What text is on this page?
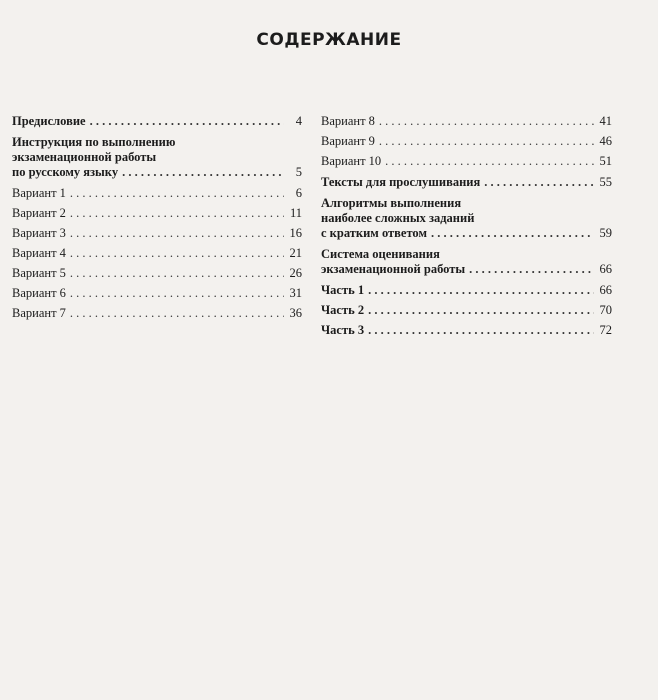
СОДЕРЖАНИЕ
Предисловие . . .	4
Инструкция по выполнению
экзаменационной работы
по русскому языку . . .	5
Вариант 1 . . .	6
Вариант 2 . . .	11
Вариант 3 . . .	16
Вариант 4 . . .	21
Вариант 5 . . .	26
Вариант 6 . . .	31
Вариант 7 . . .	36
Вариант 8 . . .	41
Вариант 9 . . .	46
Вариант 10 . . .	51
Тексты для прослушивания . . .	55
Алгоритмы выполнения
наиболее сложных заданий
с кратким ответом . . .	59
Система оценивания
экзаменационной работы . . .	66
Часть 1 . . .	66
Часть 2 . . .	70
Часть 3 . . .	72
